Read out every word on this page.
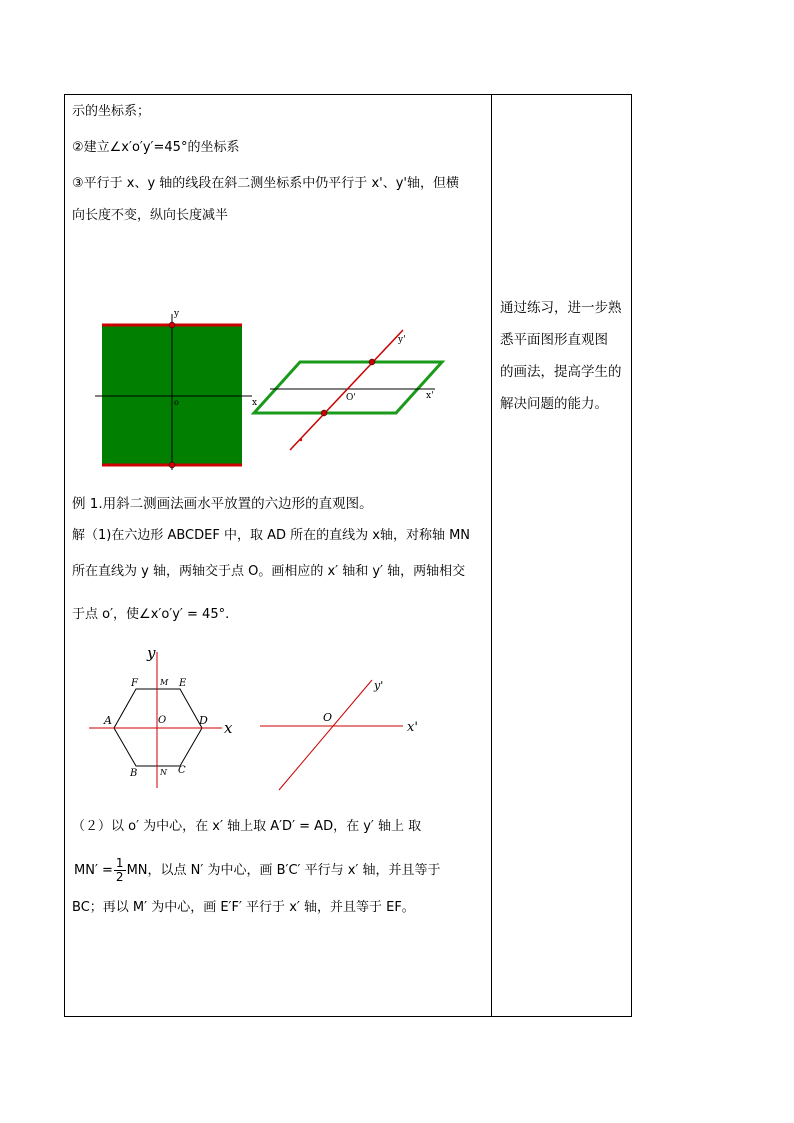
示的坐标系；
②建立∠x′o′y′=45°的坐标系
③平行于 x、y 轴的线段在斜二测坐标系中仍平行于 x'、y'轴，但横
向长度不变，纵向长度减半
y
x
o	O'
y'
x'
例 1.用斜二测画法画水平放置的六边形的直观图。
解（1)在六边形 ABCDEF 中，取 AD 所在的直线为 x轴，对称轴 MN
所在直线为 y 轴，两轴交于点 O。画相应的 x′ 轴和 y′ 轴，两轴相交
于点 o′，使∠x′o′y′ = 45°.
y
x
A	D
F	E
M
O
B	N C
O
x'
y'
（２）以 o′ 为中心，在 x′ 轴上取 A′D′ = AD，在 y′ 轴上 取
$MN' = \frac{1}{2}$ MN，以点 N′ 为中心，画 B′C′ 平行与 x′ 轴，并且等于
BC；再以 M′ 为中心，画 E′F′ 平行于 x′ 轴，并且等于 EF。
通过练习，进一步熟
悉平面图形直观图
的画法，提高学生的
解决问题的能力。
